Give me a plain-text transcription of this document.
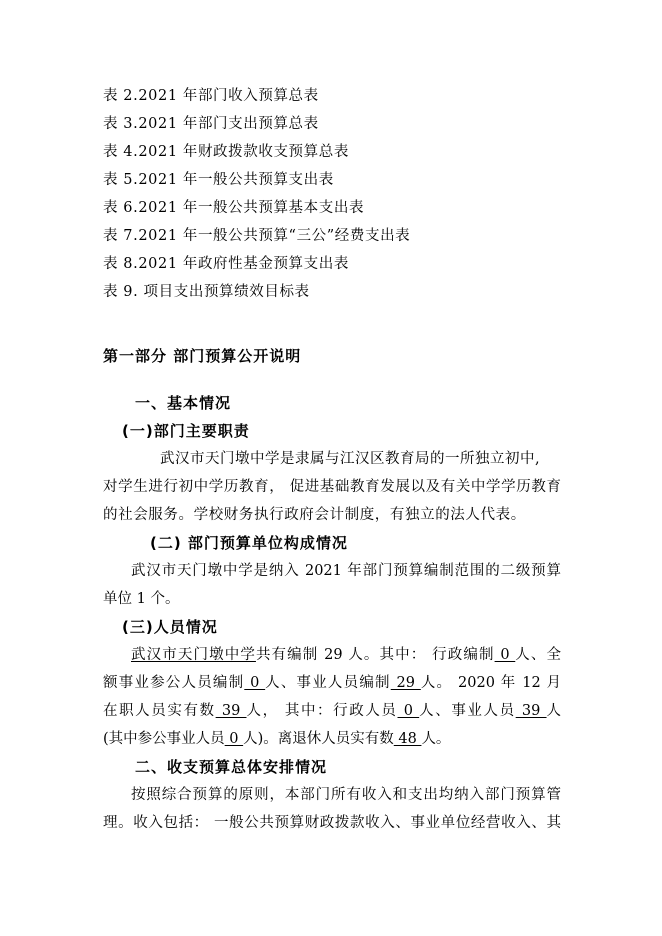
表 2.2021 年部门收入预算总表
表 3.2021 年部门支出预算总表
表 4.2021 年财政拨款收支预算总表
表 5.2021 年一般公共预算支出表
表 6.2021 年一般公共预算基本支出表
表 7.2021 年一般公共预算“三公”经费支出表
表 8.2021 年政府性基金预算支出表
表 9. 项目支出预算绩效目标表
第一部分 部门预算公开说明
一、基本情况
(一)部门主要职责
武汉市天门墩中学是隶属与江汉区教育局的一所独立初中,
对学生进行初中学历教育， 促进基础教育发展以及有关中学学历教育
的社会服务。学校财务执行政府会计制度，有独立的法人代表。
(二) 部门预算单位构成情况
武汉市天门墩中学是纳入 2021 年部门预算编制范围的二级预算
单位 1 个。
(三)人员情况
武汉市天门墩中学共有编制 29 人。其中： 行政编制 0 人、全
额事业参公人员编制 0 人、事业人员编制 29 人。 2020 年 12 月
在职人员实有数 39 人， 其中：行政人员 0 人、事业人员 39 人
(其中参公事业人员 0 人)。离退休人员实有数 48 人。
二、收支预算总体安排情况
按照综合预算的原则，本部门所有收入和支出均纳入部门预算管
理。收入包括： 一般公共预算财政拨款收入、事业单位经营收入、其
